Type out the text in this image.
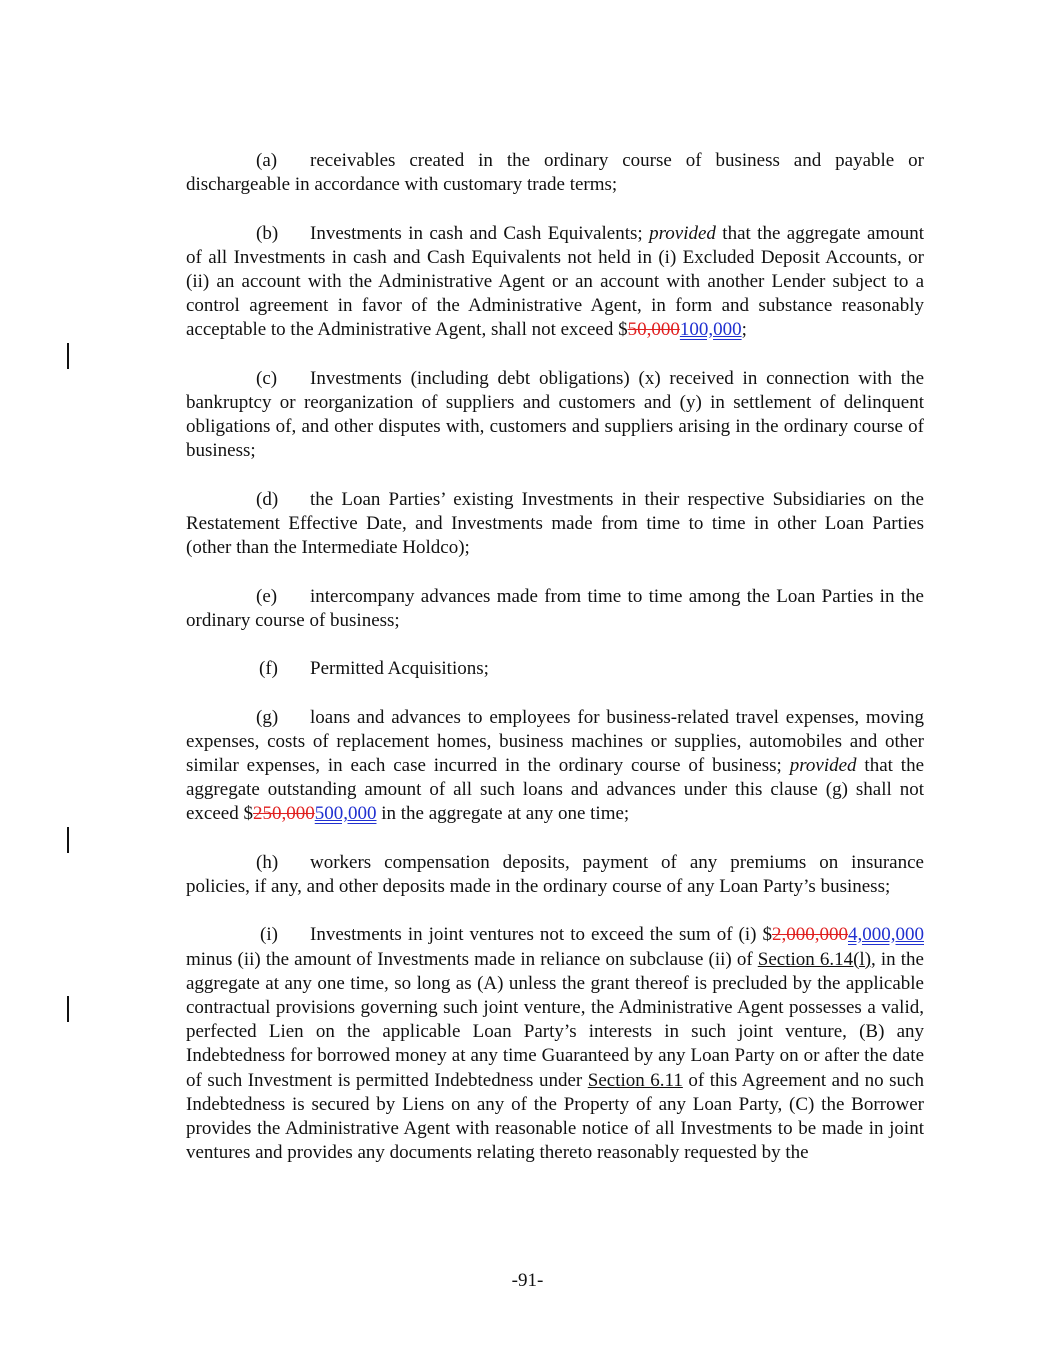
(a) receivables created in the ordinary course of business and payable or dischargeable in accordance with customary trade terms;

(b) Investments in cash and Cash Equivalents; provided that the aggregate amount of all Investments in cash and Cash Equivalents not held in (i) Excluded Deposit Accounts, or (ii) an account with the Administrative Agent or an account with another Lender subject to a control agreement in favor of the Administrative Agent, in form and substance reasonably acceptable to the Administrative Agent, shall not exceed $50,000100,000;

(c) Investments (including debt obligations) (x) received in connection with the bankruptcy or reorganization of suppliers and customers and (y) in settlement of delinquent obligations of, and other disputes with, customers and suppliers arising in the ordinary course of business;

(d) the Loan Parties’ existing Investments in their respective Subsidiaries on the Restatement Effective Date, and Investments made from time to time in other Loan Parties (other than the Intermediate Holdco);

(e) intercompany advances made from time to time among the Loan Parties in the ordinary course of business;

(f) Permitted Acquisitions;

(g) loans and advances to employees for business-related travel expenses, moving expenses, costs of replacement homes, business machines or supplies, automobiles and other similar expenses, in each case incurred in the ordinary course of business; provided that the aggregate outstanding amount of all such loans and advances under this clause (g) shall not exceed $250,000500,000 in the aggregate at any one time;

(h) workers compensation deposits, payment of any premiums on insurance policies, if any, and other deposits made in the ordinary course of any Loan Party’s business;

(i) Investments in joint ventures not to exceed the sum of (i) $2,000,0004,000,000 minus (ii) the amount of Investments made in reliance on subclause (ii) of Section 6.14(l), in the aggregate at any one time, so long as (A) unless the grant thereof is precluded by the applicable contractual provisions governing such joint venture, the Administrative Agent possesses a valid, perfected Lien on the applicable Loan Party’s interests in such joint venture, (B) any Indebtedness for borrowed money at any time Guaranteed by any Loan Party on or after the date of such Investment is permitted Indebtedness under Section 6.11 of this Agreement and no such Indebtedness is secured by Liens on any of the Property of any Loan Party, (C) the Borrower provides the Administrative Agent with reasonable notice of all Investments to be made in joint ventures and provides any documents relating thereto reasonably requested by the

-91-
